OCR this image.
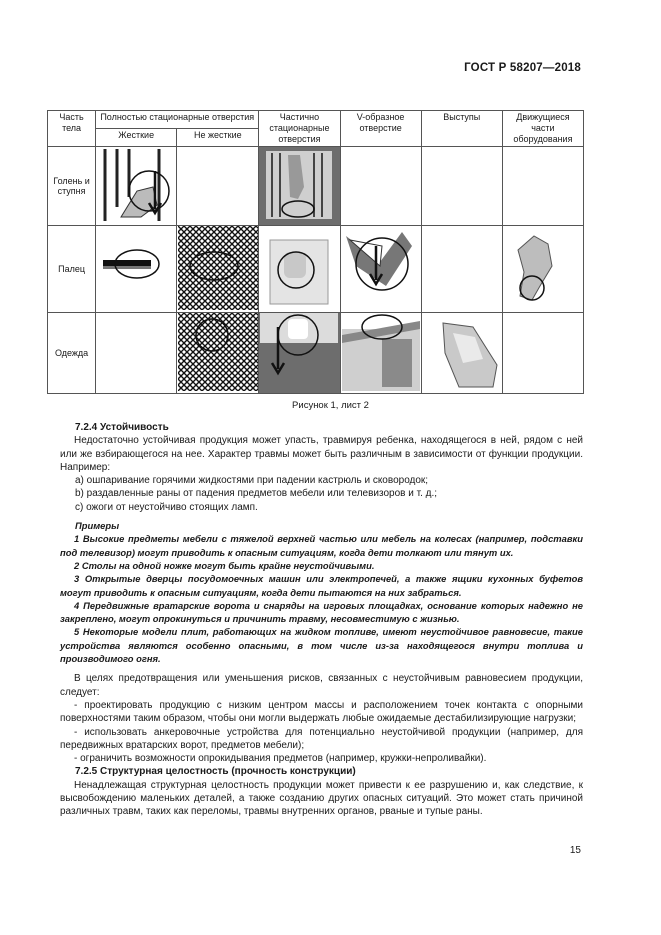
ГОСТ Р 58207—2018
Часть тела	Полностью стационарные отверстия		Частично стационарные отверстия	V-образное отверстие	Выступы	Движущиеся части оборудования
	Жесткие	Не жесткие				
Голень и ступня						
Палец						
Одежда						
Рисунок 1, лист 2

7.2.4 Устойчивость

Недостаточно устойчивая продукция может упасть, травмируя ребенка, находящегося в ней, рядом с ней или же взбирающегося на нее. Характер травмы может быть различным в зависимости от функции продукции. Например:

a) ошпаривание горячими жидкостями при падении кастрюль и сковородок;

b) раздавленные раны от падения предметов мебели или телевизоров и т. д.;

c) ожоги от неустойчиво стоящих ламп.

Примеры

1 Высокие предметы мебели с тяжелой верхней частью или мебель на колесах (например, подставки под телевизор) могут приводить к опасным ситуациям, когда дети толкают или тянут их.

2 Столы на одной ножке могут быть крайне неустойчивыми.

3 Открытые дверцы посудомоечных машин или электропечей, а также ящики кухонных буфетов могут приводить к опасным ситуациям, когда дети пытаются на них забраться.

4 Передвижные вратарские ворота и снаряды на игровых площадках, основание которых надежно не закреплено, могут опрокинуться и причинить травму, несовместимую с жизнью.

5 Некоторые модели плит, работающих на жидком топливе, имеют неустойчивое равновесие, такие устройства являются особенно опасными, в том числе из-за находящегося внутри топлива и производимого огня.

В целях предотвращения или уменьшения рисков, связанных с неустойчивым равновесием продукции, следует:

- проектировать продукцию с низким центром массы и расположением точек контакта с опорными поверхностями таким образом, чтобы они могли выдержать любые ожидаемые дестабилизирующие нагрузки;

- использовать анкеровочные устройства для потенциально неустойчивой продукции (например, для передвижных вратарских ворот, предметов мебели);

- ограничить возможности опрокидывания предметов (например, кружки-непроливайки).

7.2.5 Структурная целостность (прочность конструкции)

Ненадлежащая структурная целостность продукции может привести к ее разрушению и, как следствие, к высвобождению маленьких деталей, а также созданию других опасных ситуаций. Это может стать причиной различных травм, таких как переломы, травмы внутренних органов, рваные и тупые раны.

15
